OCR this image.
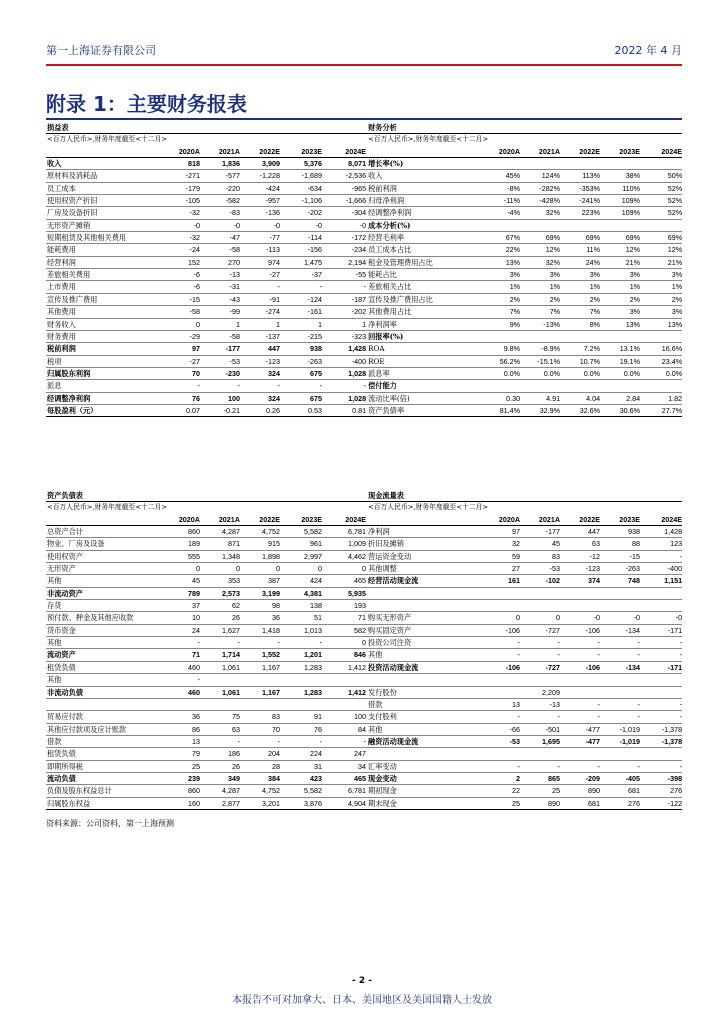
第一上海证券有限公司	2022 年 4 月
附录 1：主要财务报表
损益表						财务分析					
<百万人民币>,财务年度截至<十二月>						<百万人民币>,财务年度截至<十二月>					
	2020A	2021A	2022E	2023E	2024E		2020A	2021A	2022E	2023E	2024E
收入	818	1,836	3,909	5,376	8,071	增长率(%)					
原材料及消耗品	-271	-577	-1,228	-1,689	-2,536	收入	45%	124%	113%	38%	50%
员工成本	-179	-220	-424	-634	-965	税前利润	-8%	-282%	-353%	110%	52%
使用权资产折旧	-105	-582	-957	-1,106	-1,666	归母净利润	-11%	-428%	-241%	109%	52%
厂房及设备折旧	-32	-83	-136	-202	-304	经调整净利润	-4%	32%	223%	109%	52%
无形资产摊销	-0	-0	-0	-0	-0	成本分析(%)					
短期租赁及其他相关费用	-32	-47	-77	-114	-172	经营毛利率	67%	69%	69%	69%	69%
能耗费用	-24	-58	-113	-156	-234	员工成本占比	22%	12%	11%	12%	12%
经营利润	152	270	974	1,475	2,194	租金及管理费用占比	13%	32%	24%	21%	21%
差旅相关费用	-6	-13	-27	-37	-55	能耗占比	3%	3%	3%	3%	3%
上市费用	-6	-31	-	-	-	差旅相关占比	1%	1%	1%	1%	1%
宣传及推广费用	-15	-43	-91	-124	-187	宣传及推广费用占比	2%	2%	2%	2%	2%
其他费用	-58	-99	-274	-161	-202	其他费用占比	7%	7%	7%	3%	3%
财务收入	0	1	1	1	1	净利润率	9%	-13%	8%	13%	13%
财务费用	-29	-58	-137	-215	-323	回报率(%)					
税前利润	97	-177	447	938	1,428	ROA	9.8%	-8.9%	7.2%	13.1%	16.6%
税项	-27	-53	-123	-263	-400	ROE	56.2%	-15.1%	10.7%	19.1%	23.4%
归属股东利润	70	-230	324	675	1,028	派息率	0.0%	0.0%	0.0%	0.0%	0.0%
派息	-	-	-	-	-	偿付能力					
经调整净利润	76	100	324	675	1,028	流动比率(倍)	0.30	4.91	4.04	2.84	1.82
每股盈利（元）	0.07	-0.21	0.26	0.53	0.81	资产负债率	81.4%	32.9%	32.6%	30.6%	27.7%
资产负债表						现金流量表					
<百万人民币>,财务年度截至<十二月>						<百万人民币>,财务年度截至<十二月>					
	2020A	2021A	2022E	2023E	2024E		2020A	2021A	2022E	2023E	2024E
总资产合计	860	4,287	4,752	5,582	6,781	净利润	97	-177	447	938	1,428
物业、厂房及设备	189	871	915	961	1,009	折旧及摊销	32	45	63	88	123
使用权资产	555	1,348	1,898	2,997	4,462	营运资金变动	59	83	-12	-15	-
无形资产	0	0	0	0	0	其他调整	27	-53	-123	-263	-400
其他	45	353	387	424	465	经营活动现金流	161	-102	374	748	1,151
非流动资产	789	2,573	3,199	4,381	5,935						
存货	37	62	98	138	193						
预付款、押金及其他应收款	10	26	36	51	71	购买无形资产	0	0	-0	-0	-0
货币资金	24	1,627	1,418	1,013	582	购买固定资产	-106	-727	-106	-134	-171
其他	-	-	-	-	0	投资公司注资	-	-	-	-	-
流动资产	71	1,714	1,552	1,201	846	其他	-	-	-	-	-
租赁负债	460	1,061	1,167	1,283	1,412	投资活动现金流	-106	-727	-106	-134	-171
其他	-										
非流动负债	460	1,061	1,167	1,283	1,412	发行股份		2,209			
						借款	13	-13	-	-	-
贸易应付款	36	75	83	91	100	支付股利	-	-	-	-	-
其他应付款项及应计账款	86	63	70	76	84	其他	-66	-501	-477	-1,019	-1,378
借款	13	-	-	-	-	融资活动现金流	-53	1,695	-477	-1,019	-1,378
租赁负债	79	186	204	224	247						
即期所得税	25	26	28	31	34	汇率变动	-	-	-	-	-
流动负债	239	349	384	423	465	现金变动	2	865	-209	-405	-398
负债及股东权益总计	860	4,287	4,752	5,582	6,781	期初现金	22	25	890	681	276
归属股东权益	160	2,877	3,201	3,876	4,904	期末现金	25	890	681	276	-122
资料来源：公司资料，第一上海预测
- 2 -
本报告不可对加拿大、日本、美国地区及美国国籍人士发放
